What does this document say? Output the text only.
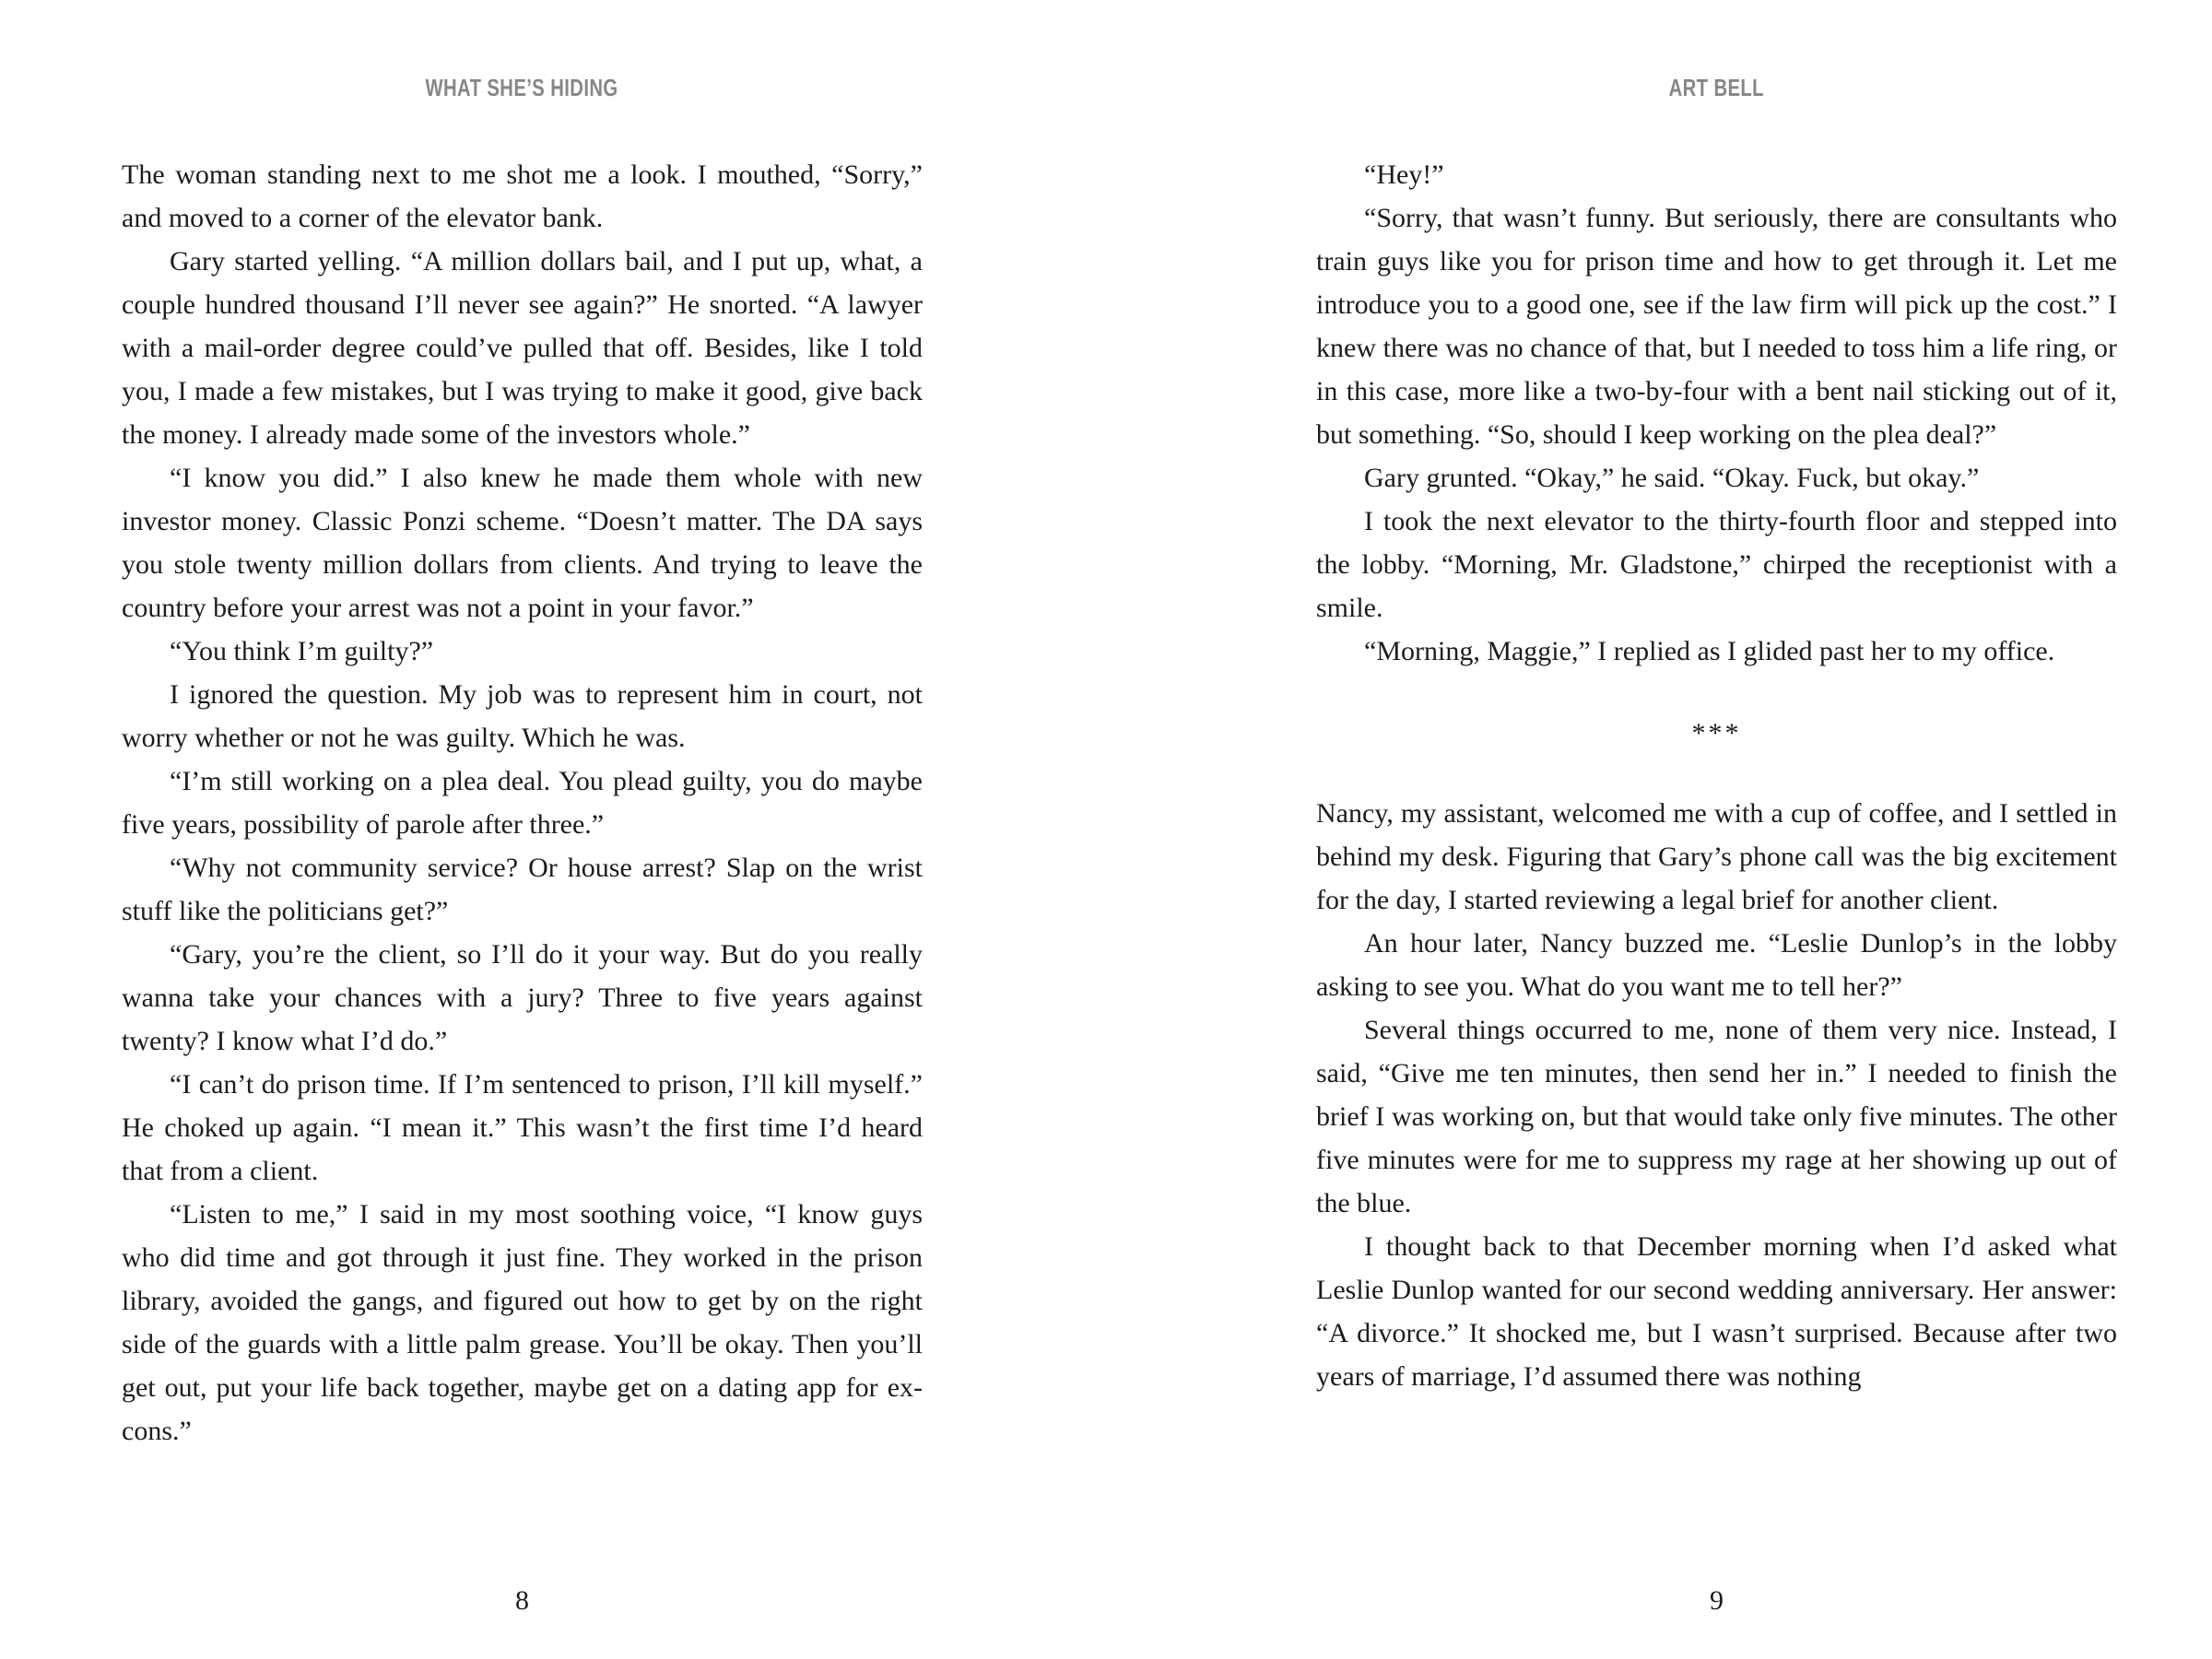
WHAT SHE’S HIDING

The woman standing next to me shot me a look. I mouthed, “Sorry,” and moved to a corner of the elevator bank.

Gary started yelling. “A million dollars bail, and I put up, what, a couple hundred thousand I’ll never see again?” He snorted. “A lawyer with a mail-order degree could’ve pulled that off. Besides, like I told you, I made a few mistakes, but I was trying to make it good, give back the money. I already made some of the investors whole.”

“I know you did.” I also knew he made them whole with new investor money. Classic Ponzi scheme. “Doesn’t matter. The DA says you stole twenty million dollars from clients. And trying to leave the country before your arrest was not a point in your favor.”

“You think I’m guilty?”

I ignored the question. My job was to represent him in court, not worry whether or not he was guilty. Which he was.

“I’m still working on a plea deal. You plead guilty, you do maybe five years, possibility of parole after three.”

“Why not community service? Or house arrest? Slap on the wrist stuff like the politicians get?”

“Gary, you’re the client, so I’ll do it your way. But do you really wanna take your chances with a jury? Three to five years against twenty? I know what I’d do.”

“I can’t do prison time. If I’m sentenced to prison, I’ll kill myself.” He choked up again. “I mean it.” This wasn’t the first time I’d heard that from a client.

“Listen to me,” I said in my most soothing voice, “I know guys who did time and got through it just fine. They worked in the prison library, avoided the gangs, and figured out how to get by on the right side of the guards with a little palm grease. You’ll be okay. Then you’ll get out, put your life back together, maybe get on a dating app for ex-cons.”

8
ART BELL

“Hey!”

“Sorry, that wasn’t funny. But seriously, there are consultants who train guys like you for prison time and how to get through it. Let me introduce you to a good one, see if the law firm will pick up the cost.” I knew there was no chance of that, but I needed to toss him a life ring, or in this case, more like a two-by-four with a bent nail sticking out of it, but something. “So, should I keep working on the plea deal?”

Gary grunted. “Okay,” he said. “Okay. Fuck, but okay.”

I took the next elevator to the thirty-fourth floor and stepped into the lobby. “Morning, Mr. Gladstone,” chirped the receptionist with a smile.

“Morning, Maggie,” I replied as I glided past her to my office.

***

Nancy, my assistant, welcomed me with a cup of coffee, and I settled in behind my desk. Figuring that Gary’s phone call was the big excitement for the day, I started reviewing a legal brief for another client.

An hour later, Nancy buzzed me. “Leslie Dunlop’s in the lobby asking to see you. What do you want me to tell her?”

Several things occurred to me, none of them very nice. Instead, I said, “Give me ten minutes, then send her in.” I needed to finish the brief I was working on, but that would take only five minutes. The other five minutes were for me to suppress my rage at her showing up out of the blue.

I thought back to that December morning when I’d asked what Leslie Dunlop wanted for our second wedding anniversary. Her answer: “A divorce.” It shocked me, but I wasn’t surprised. Because after two years of marriage, I’d assumed there was nothing

9
